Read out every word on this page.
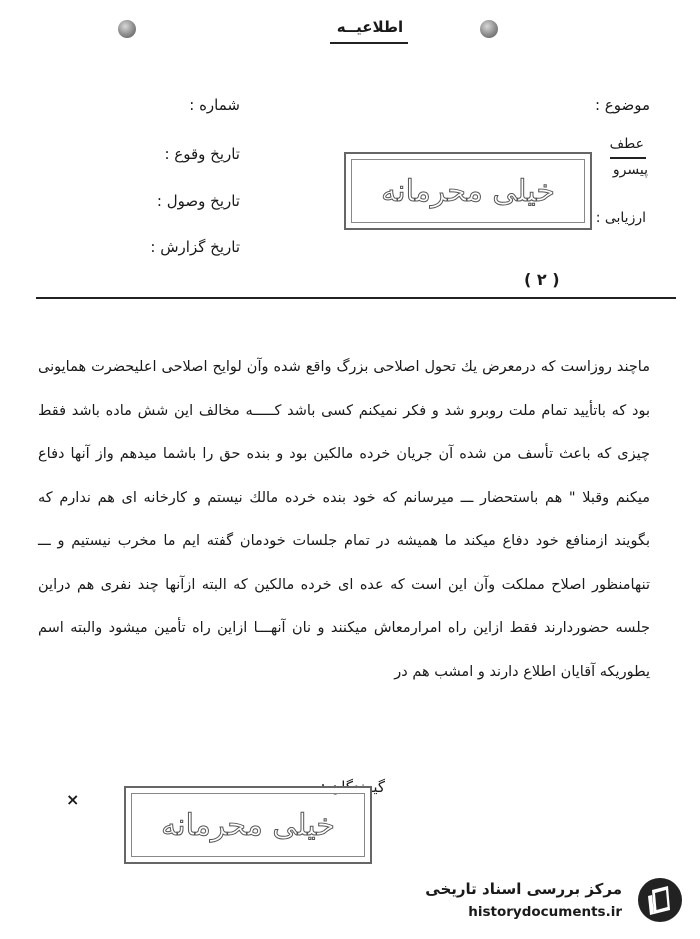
اطلاعیــه
شماره :
تاریخ وقوع :
تاریخ وصول :
تاریخ گزارش :
موضوع :
عطف
پیسرو
ارزیابی :
خیلی محرمانه
( ۲ )
ماچند روزاست که درمعرض یك تحول اصلاحی بزرگ واقع شده وآن لوایح اصلاحی اعلیحضرت همایونی بود که باتأیید تمام ملت روبرو شد و فکر نمیکنم کسی باشد کـــــه مخالف این شش ماده باشد فقط چیزی که باعث تأسف من شده آن جریان خرده مالکین بود و بنده حق را باشما میدهم واز آنها دفاع میکنم وقبلا " هم باستحضار ـــ میرسانم که خود بنده خرده مالك نیستم و کارخانه ای هم ندارم که بگویند ازمنافع خود دفاع میکند ما همیشه در تمام جلسات خودمان گفته ایم ما مخرب نیستیم و ـــ تنهامنظور اصلاح مملکت وآن این است که عده ای خرده مالکین که البته ازآنها چند نفری هم دراین جلسه حضوردارند فقط ازاین راه امرارمعاش میکنند و نان آنهـــا ازاین راه تأمین میشود والبته اسم یطوریکه آقایان اطلاع دارند و امشب هم در
گیرندگان :
×
خیلی محرمانه
مرکز بررسی اسناد تاریخی
historydocuments.ir
